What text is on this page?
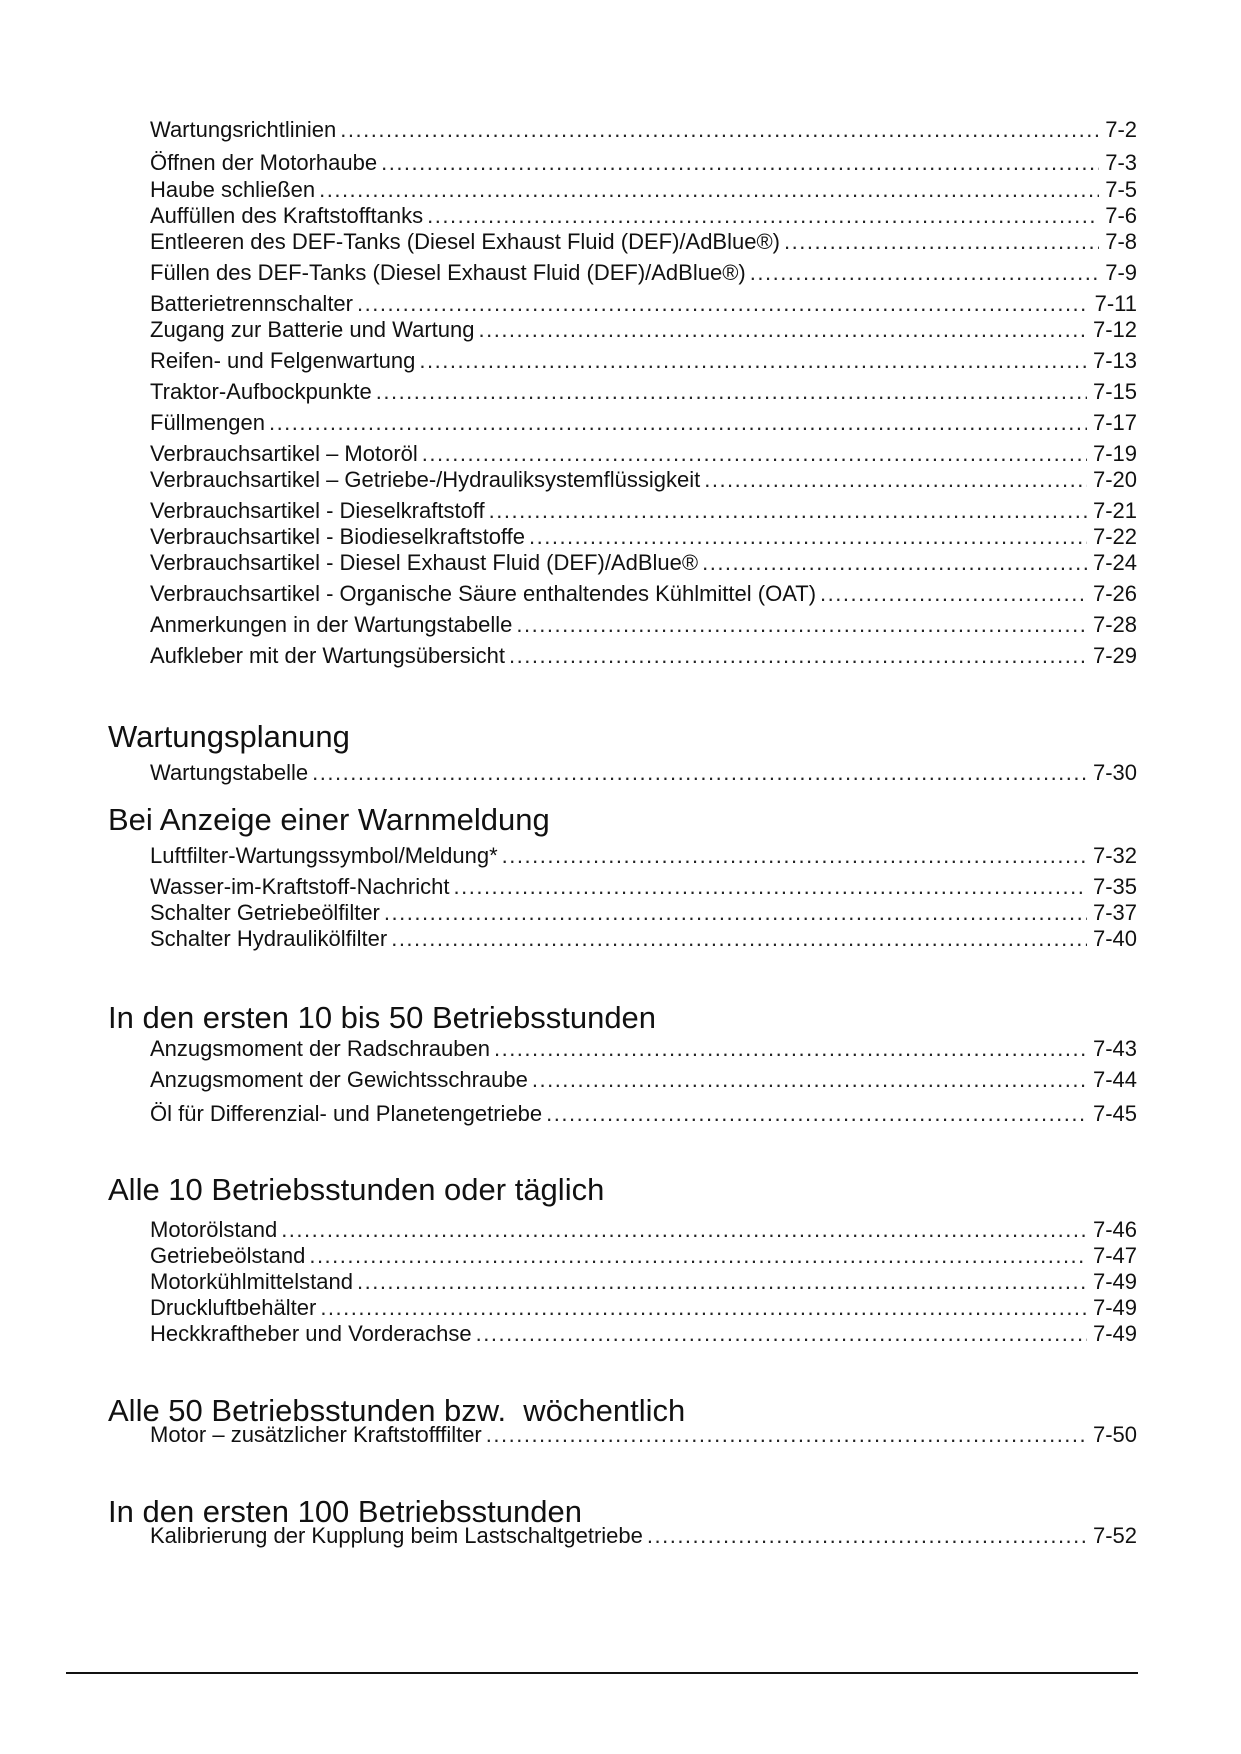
Wartungsrichtlinien .....	7-2
Öffnen der Motorhaube .....	7-3
Haube schließen .....	7-5
Auffüllen des Kraftstofftanks .....	7-6
Entleeren des DEF-Tanks (Diesel Exhaust Fluid (DEF)/AdBlue®) .....	7-8
Füllen des DEF-Tanks (Diesel Exhaust Fluid (DEF)/AdBlue®) .....	7-9
Batterietrennschalter .....	7-11
Zugang zur Batterie und Wartung .....	7-12
Reifen- und Felgenwartung .....	7-13
Traktor-Aufbockpunkte .....	7-15
Füllmengen .....	7-17
Verbrauchsartikel – Motoröl .....	7-19
Verbrauchsartikel – Getriebe-/Hydrauliksystemflüssigkeit .....	7-20
Verbrauchsartikel - Dieselkraftstoff .....	7-21
Verbrauchsartikel - Biodieselkraftstoffe .....	7-22
Verbrauchsartikel - Diesel Exhaust Fluid (DEF)/AdBlue® .....	7-24
Verbrauchsartikel - Organische Säure enthaltendes Kühlmittel (OAT) .....	7-26
Anmerkungen in der Wartungstabelle .....	7-28
Aufkleber mit der Wartungsübersicht .....	7-29
Wartungsplanung
Wartungstabelle .....	7-30
Bei Anzeige einer Warnmeldung
Luftfilter-Wartungssymbol/Meldung* .....	7-32
Wasser-im-Kraftstoff-Nachricht .....	7-35
Schalter Getriebeölfilter .....	7-37
Schalter Hydraulikölfilter .....	7-40
In den ersten 10 bis 50 Betriebsstunden
Anzugsmoment der Radschrauben .....	7-43
Anzugsmoment der Gewichtsschraube .....	7-44
Öl für Differenzial- und Planetengetriebe .....	7-45
Alle 10 Betriebsstunden oder täglich
Motorölstand .....	7-46
Getriebeölstand .....	7-47
Motorkühlmittelstand .....	7-49
Druckluftbehälter .....	7-49
Heckkraftheber und Vorderachse .....	7-49
Alle 50 Betriebsstunden bzw.  wöchentlich
Motor – zusätzlicher Kraftstofffilter .....	7-50
In den ersten 100 Betriebsstunden
Kalibrierung der Kupplung beim Lastschaltgetriebe .....	7-52
